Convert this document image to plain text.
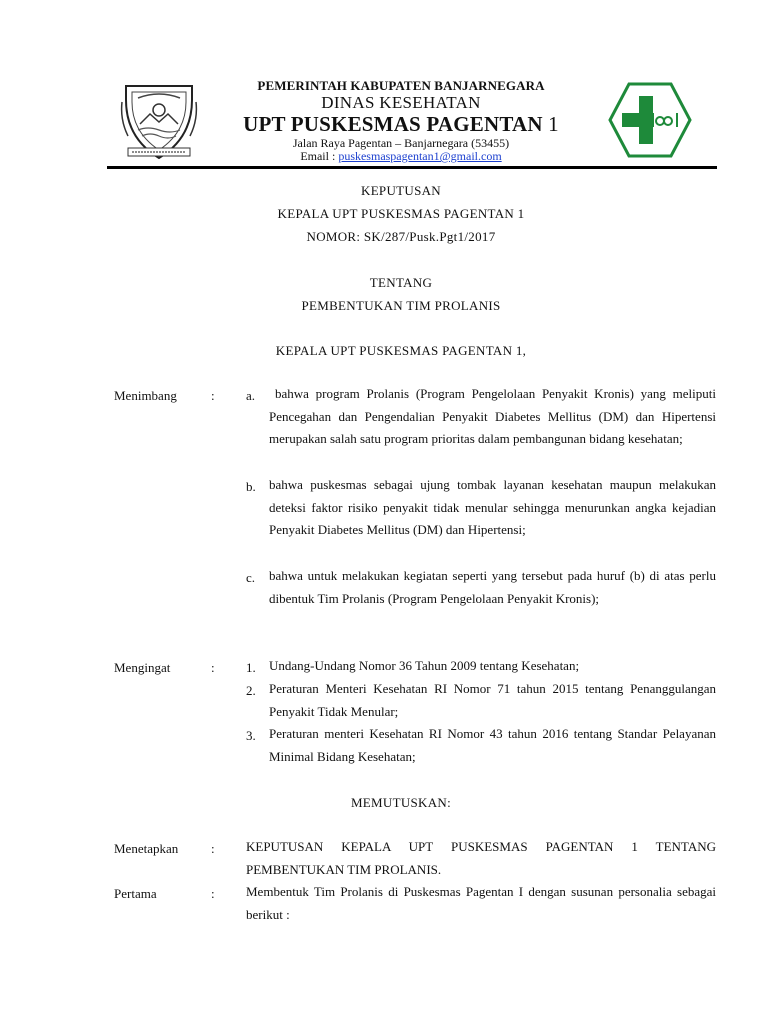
PEMERINTAH KABUPATEN BANJARNEGARA
DINAS KESEHATAN
UPT PUSKESMAS PAGENTAN 1
Jalan Raya Pagentan – Banjarnegara (53455)
Email : puskesmaspagentan1@gmail.com
KEPUTUSAN
KEPALA UPT PUSKESMAS PAGENTAN 1
NOMOR: SK/287/Pusk.Pgt1/2017
TENTANG
PEMBENTUKAN TIM PROLANIS
KEPALA UPT PUSKESMAS PAGENTAN 1,
Menimbang	: a.	bahwa program Prolanis (Program Pengelolaan Penyakit Kronis) yang meliputi Pencegahan dan Pengendalian Penyakit Diabetes Mellitus (DM) dan Hipertensi merupakan salah satu program prioritas dalam pembangunan bidang kesehatan;
b. bahwa puskesmas sebagai ujung tombak layanan kesehatan maupun melakukan deteksi faktor risiko penyakit tidak menular sehingga menurunkan angka kejadian Penyakit Diabetes Mellitus (DM) dan Hipertensi;
c. bahwa untuk melakukan kegiatan seperti yang tersebut pada huruf (b) di atas perlu dibentuk Tim Prolanis (Program Pengelolaan Penyakit Kronis);
Mengingat	: 1. Undang-Undang Nomor 36 Tahun 2009 tentang Kesehatan;
2. Peraturan Menteri Kesehatan RI Nomor 71 tahun 2015 tentang Penanggulangan Penyakit Tidak Menular;
3. Peraturan menteri Kesehatan RI Nomor 43 tahun 2016 tentang Standar Pelayanan Minimal Bidang Kesehatan;
MEMUTUSKAN:
Menetapkan	: KEPUTUSAN KEPALA UPT PUSKESMAS PAGENTAN 1 TENTANG PEMBENTUKAN TIM PROLANIS.
Pertama	: Membentuk Tim Prolanis di Puskesmas Pagentan I dengan susunan personalia sebagai berikut :
